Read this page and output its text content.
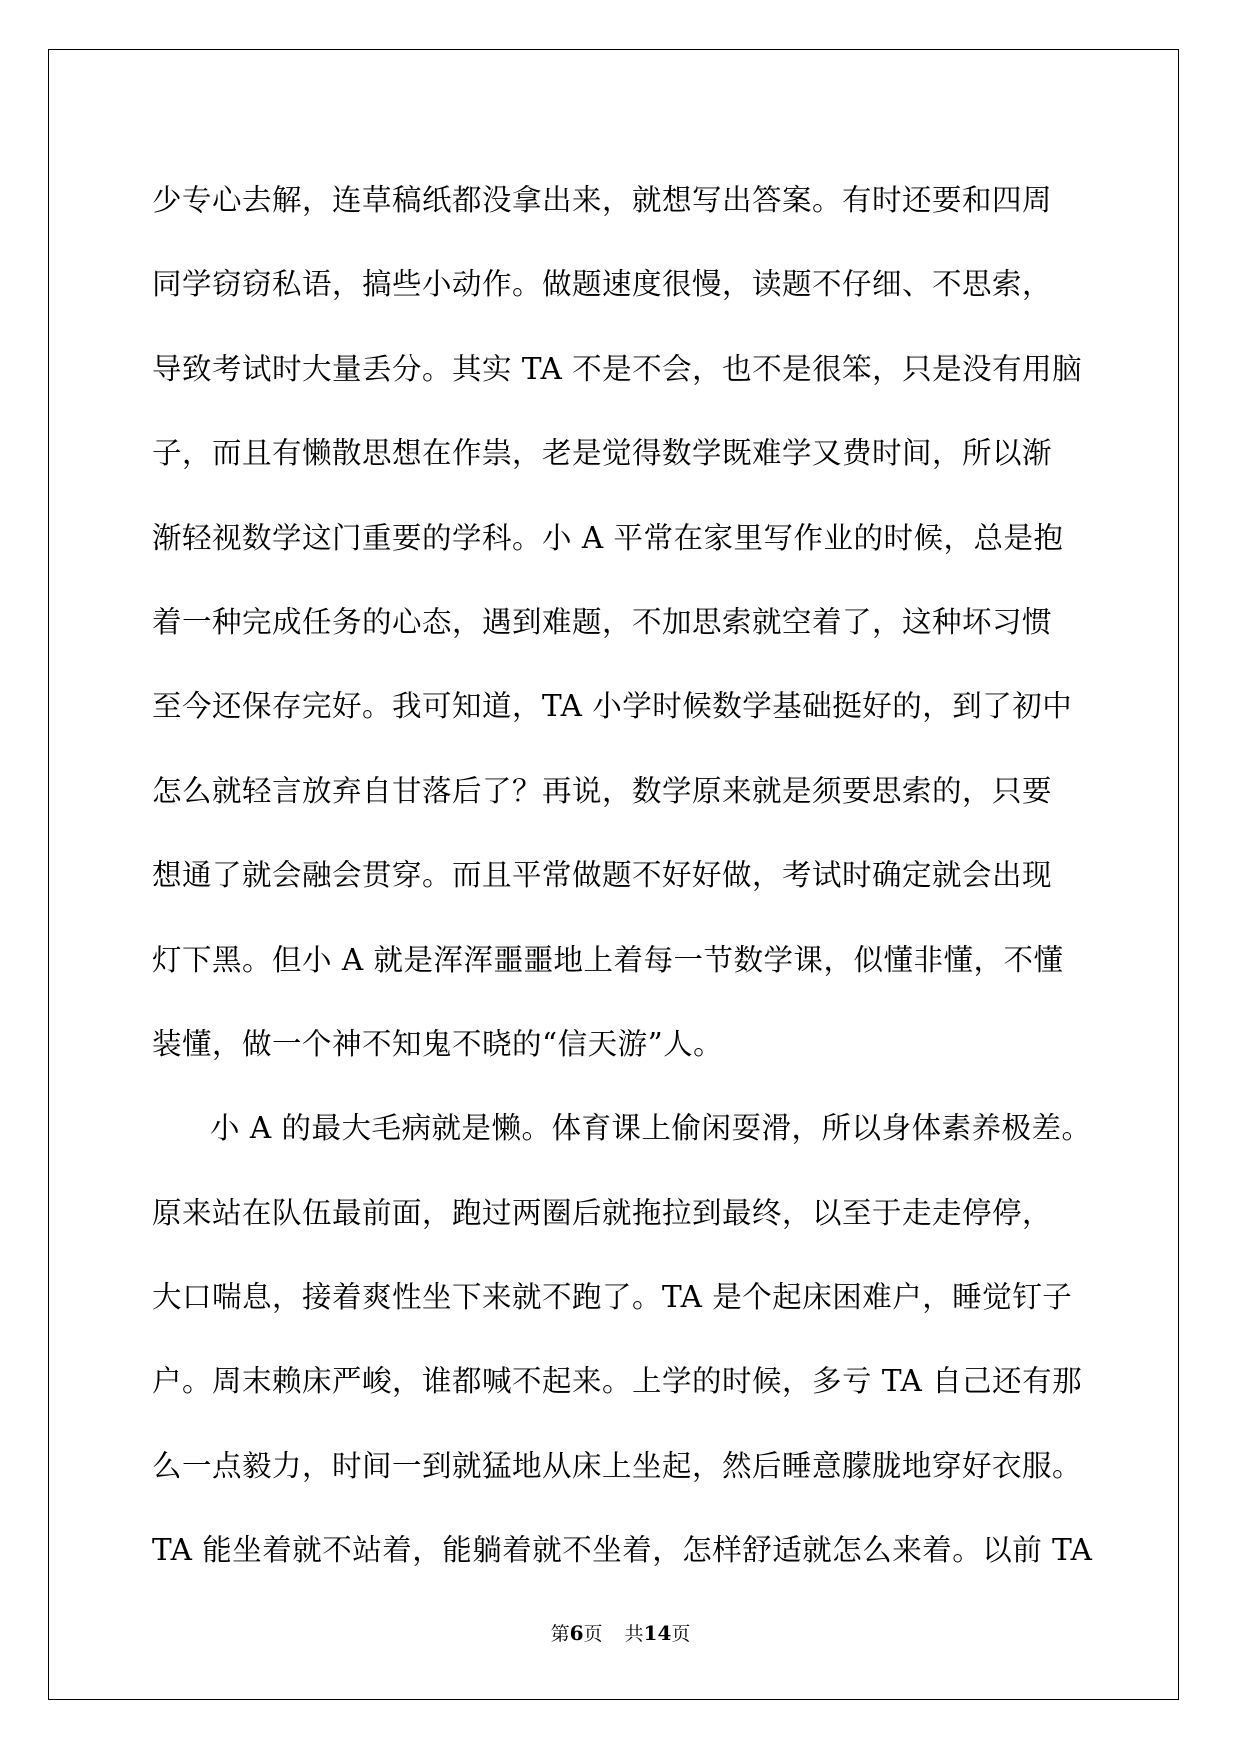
少专心去解，连草稿纸都没拿出来，就想写出答案。有时还要和四周
同学窃窃私语，搞些小动作。做题速度很慢，读题不仔细、不思索，
导致考试时大量丢分。其实 TA 不是不会，也不是很笨，只是没有用脑
子，而且有懒散思想在作祟，老是觉得数学既难学又费时间，所以渐
渐轻视数学这门重要的学科。小 A 平常在家里写作业的时候，总是抱
着一种完成任务的心态，遇到难题，不加思索就空着了，这种坏习惯
至今还保存完好。我可知道，TA 小学时候数学基础挺好的，到了初中
怎么就轻言放弃自甘落后了？再说，数学原来就是须要思索的，只要
想通了就会融会贯穿。而且平常做题不好好做，考试时确定就会出现
灯下黑。但小 A 就是浑浑噩噩地上着每一节数学课，似懂非懂，不懂
装懂，做一个神不知鬼不晓的“信天游”人。
小 A 的最大毛病就是懒。体育课上偷闲耍滑，所以身体素养极差。
原来站在队伍最前面，跑过两圈后就拖拉到最终，以至于走走停停，
大口喘息，接着爽性坐下来就不跑了。TA 是个起床困难户，睡觉钉子
户。周末赖床严峻，谁都喊不起来。上学的时候，多亏 TA 自己还有那
么一点毅力，时间一到就猛地从床上坐起，然后睡意朦胧地穿好衣服。
TA 能坐着就不站着，能躺着就不坐着，怎样舒适就怎么来着。以前 TA
第6页 共14页
